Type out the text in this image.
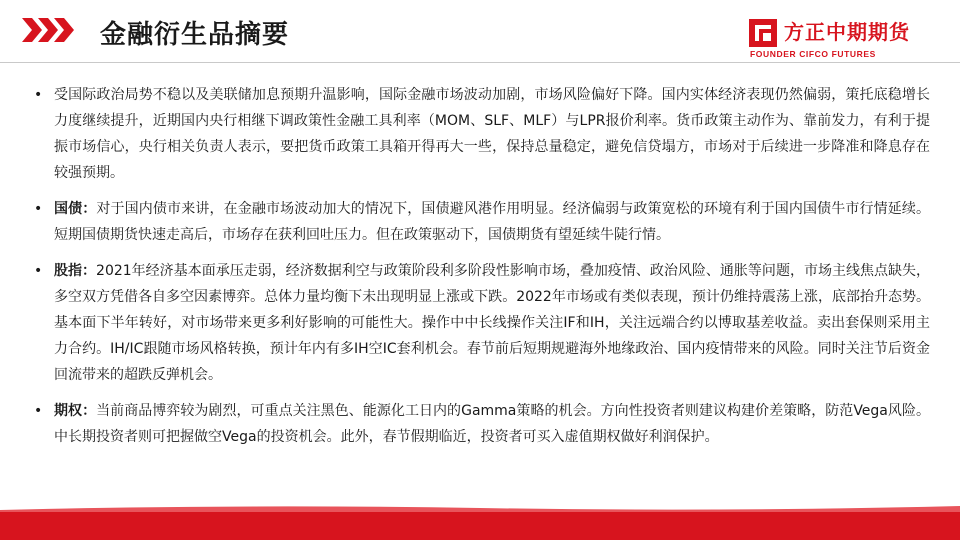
金融衍生品摘要	方正中期期货
FOUNDER CIFCO FUTURES
• 受国际政治局势不稳以及美联储加息预期升温影响，国际金融市场波动加剧，市场风险偏好下降。国内实体经济表现仍然偏弱，策托底稳增长力度继续提升，近期国内央行相继下调政策性金融工具利率（MOM、SLF、MLF）与LPR报价利率。货币政策主动作为、靠前发力，有利于提振市场信心，央行相关负责人表示，要把货币政策工具箱开得再大一些，保持总量稳定，避免信贷塌方，市场对于后续进一步降准和降息存在较强预期。
• 国债：对于国内债市来讲，在金融市场波动加大的情况下，国债避风港作用明显。经济偏弱与政策宽松的环境有利于国内国债牛市行情延续。短期国债期货快速走高后，市场存在获利回吐压力。但在政策驱动下，国债期货有望延续牛陡行情。
• 股指：2021年经济基本面承压走弱，经济数据利空与政策阶段利多阶段性影响市场，叠加疫情、政治风险、通胀等问题，市场主线焦点缺失，多空双方凭借各自多空因素博弈。总体力量均衡下未出现明显上涨或下跌。2022年市场或有类似表现，预计仍维持震荡上涨，底部抬升态势。基本面下半年转好，对市场带来更多利好影响的可能性大。操作中中长线操作关注IF和IH，关注远端合约以博取基差收益。卖出套保则采用主力合约。IH/IC跟随市场风格转换，预计年内有多IH空IC套利机会。春节前后短期规避海外地缘政治、国内疫情带来的风险。同时关注节后资金回流带来的超跌反弹机会。
• 期权：当前商品博弈较为剧烈，可重点关注黑色、能源化工日内的Gamma策略的机会。方向性投资者则建议构建价差策略，防范Vega风险。中长期投资者则可把握做空Vega的投资机会。此外，春节假期临近，投资者可买入虚值期权做好利润保护。
